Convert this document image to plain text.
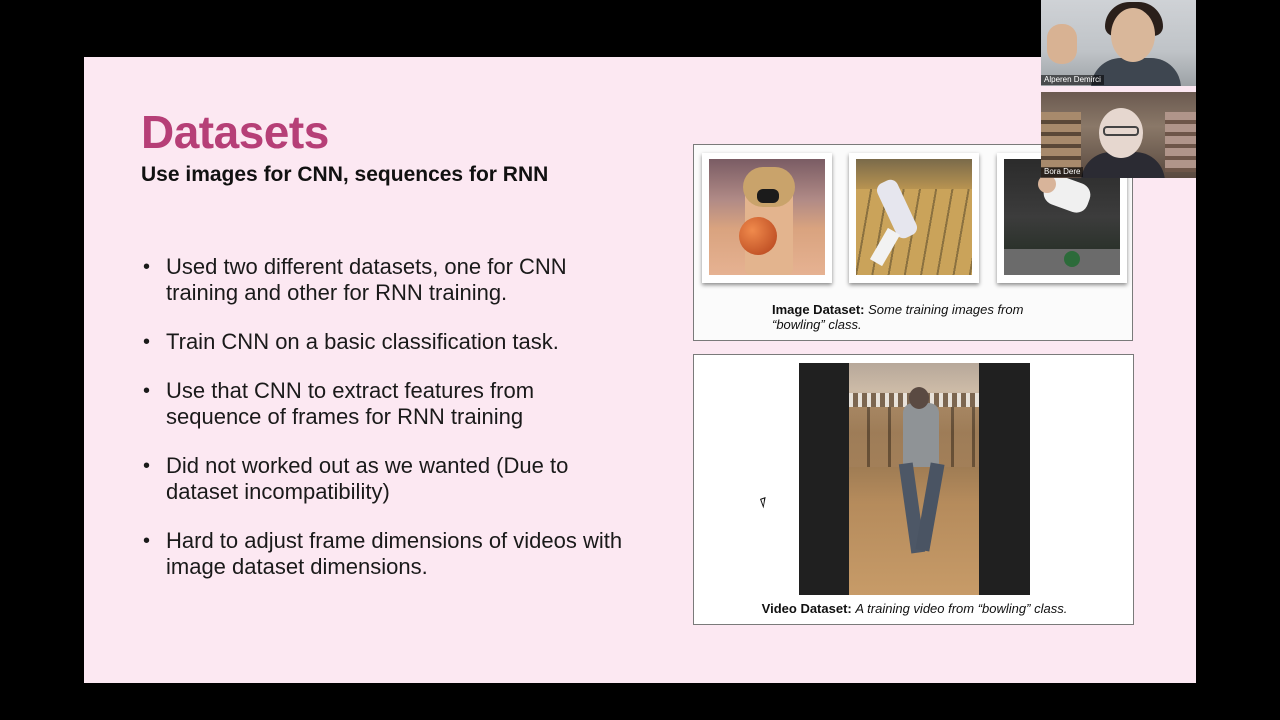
Datasets
Use images for CNN, sequences for RNN
• Used two different datasets, one for CNN training and other for RNN training.
• Train CNN on a basic classification task.
• Use that CNN to extract features from sequence of frames for RNN training
• Did not worked out as we wanted (Due to dataset incompatibility)
• Hard to adjust frame dimensions of videos with image dataset dimensions.
Image Dataset: Some training images from “bowling” class.
Video Dataset: A training video from “bowling” class.
Alperen Demirci
Bora Dere
